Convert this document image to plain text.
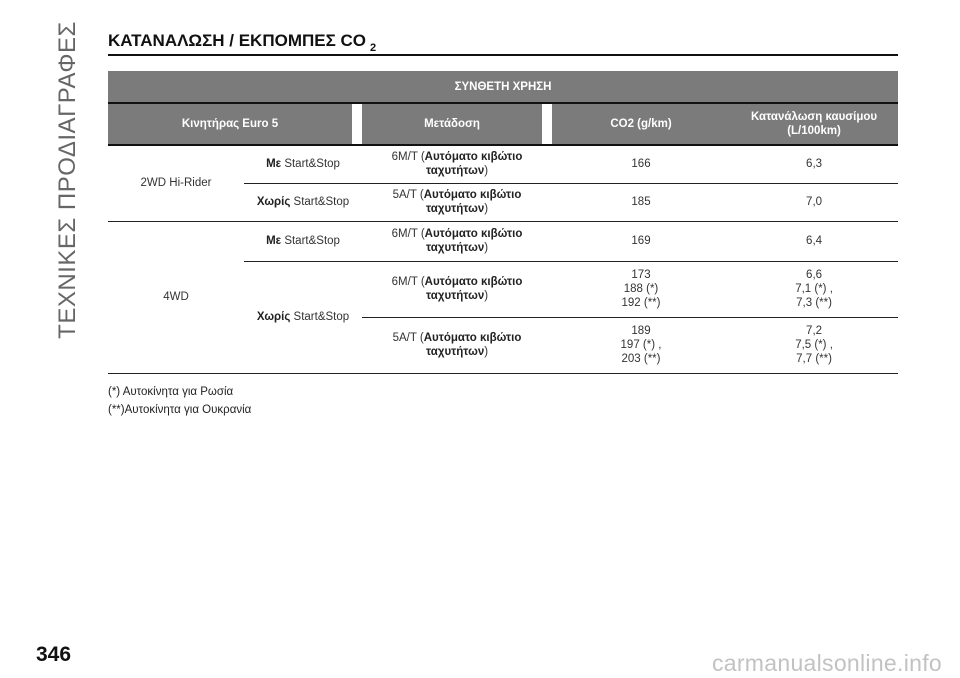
ΤΕΧΝΙΚΕΣ ΠΡΟΔΙΑΓΡΑΦΕΣ ΚΑΤΑΝΑΛΩΣΗ / ΕΚΠΟΜΠΕΣ CO $_2$
ΣΥΝΘΕΤΗ ΧΡΗΣΗ						
Κινητήρας Euro 5			Μετάδοση		CO2 (g/km)	Κατανάλωση καυσίμου
(L/100km)
2WD Hi-Rider	Με Start&Stop		6M/T (Αυτόματο κιβώτιο
ταχυτήτων)		166	6,3
	Χωρίς Start&Stop		5A/T (Αυτόματο κιβώτιο
ταχυτήτων)		185	7,0
4WD	Με Start&Stop		6M/T (Αυτόματο κιβώτιο
ταχυτήτων)		169	6,4
	Χωρίς Start&Stop		6M/T (Αυτόματο κιβώτιο
ταχυτήτων)		173
188 (*)
192 (**)	6,6
7,1 (*) ,
7,3 (**)
			5A/T (Αυτόματο κιβώτιο
ταχυτήτων)		189
197 (*) ,
203 (**)	7,2
7,5 (*) ,
7,7 (**)
(*) Αυτοκίνητα για Ρωσία
(**)Αυτοκίνητα για Ουκρανία
346	carmanualsonline.info
